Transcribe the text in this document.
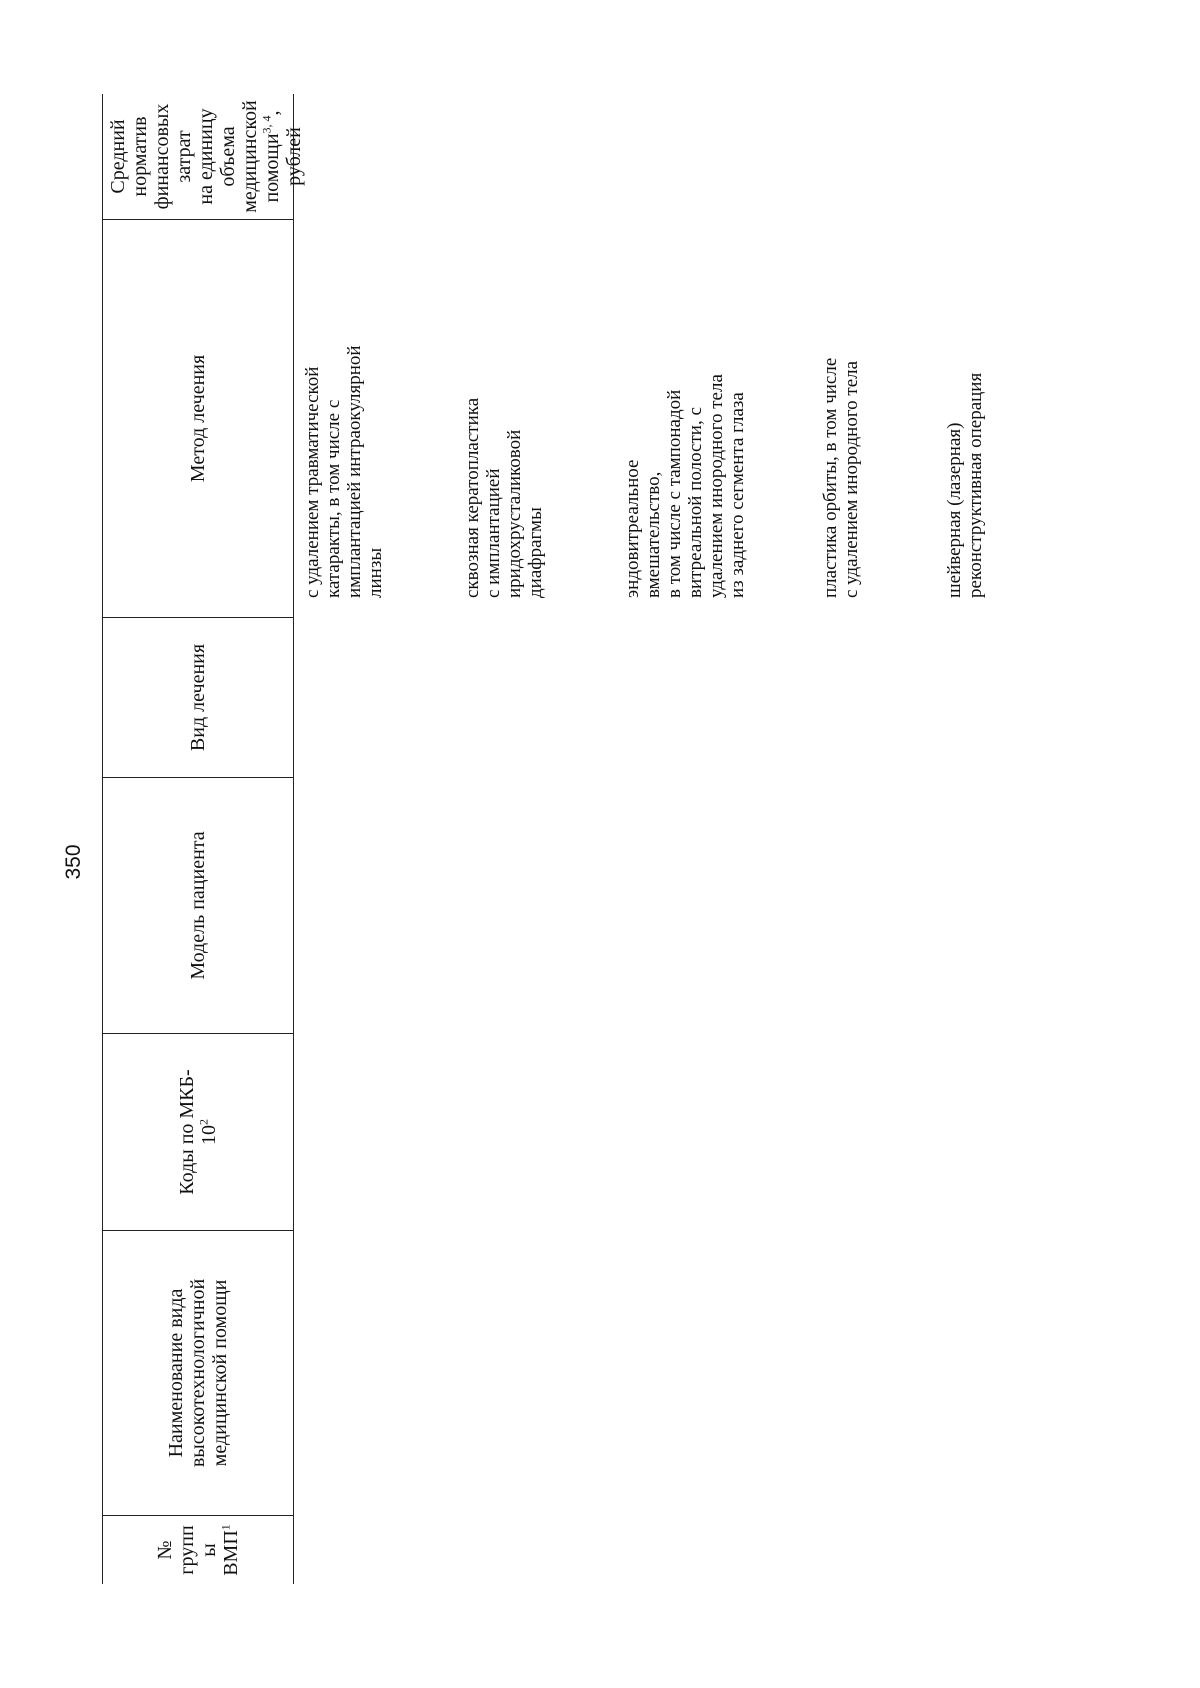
350
№
групп
ы
ВМП$^1$
Наименование вида
высокотехнологичной
медицинской помощи
Коды по МКБ-
$10^2$
Модель пациента
Вид лечения
Метод лечения
Средний норматив
финансовых затрат
на единицу объема
медицинской
помощи$^{3, 4}$, рублей
с удалением травматической
катаракты, в том числе с
имплантацией интраокулярной
линзы	сквозная кератопластика
с имплантацией
иридохрусталиковой
диафрагмы	эндовитреальное
вмешательство,
в том числе с тампонадой
витреальной полости, с
удалением инородного тела
из заднего сегмента глаза
пластика орбиты, в том числе
с удалением инородного тела
шейверная (лазерная)
реконструктивная операция
